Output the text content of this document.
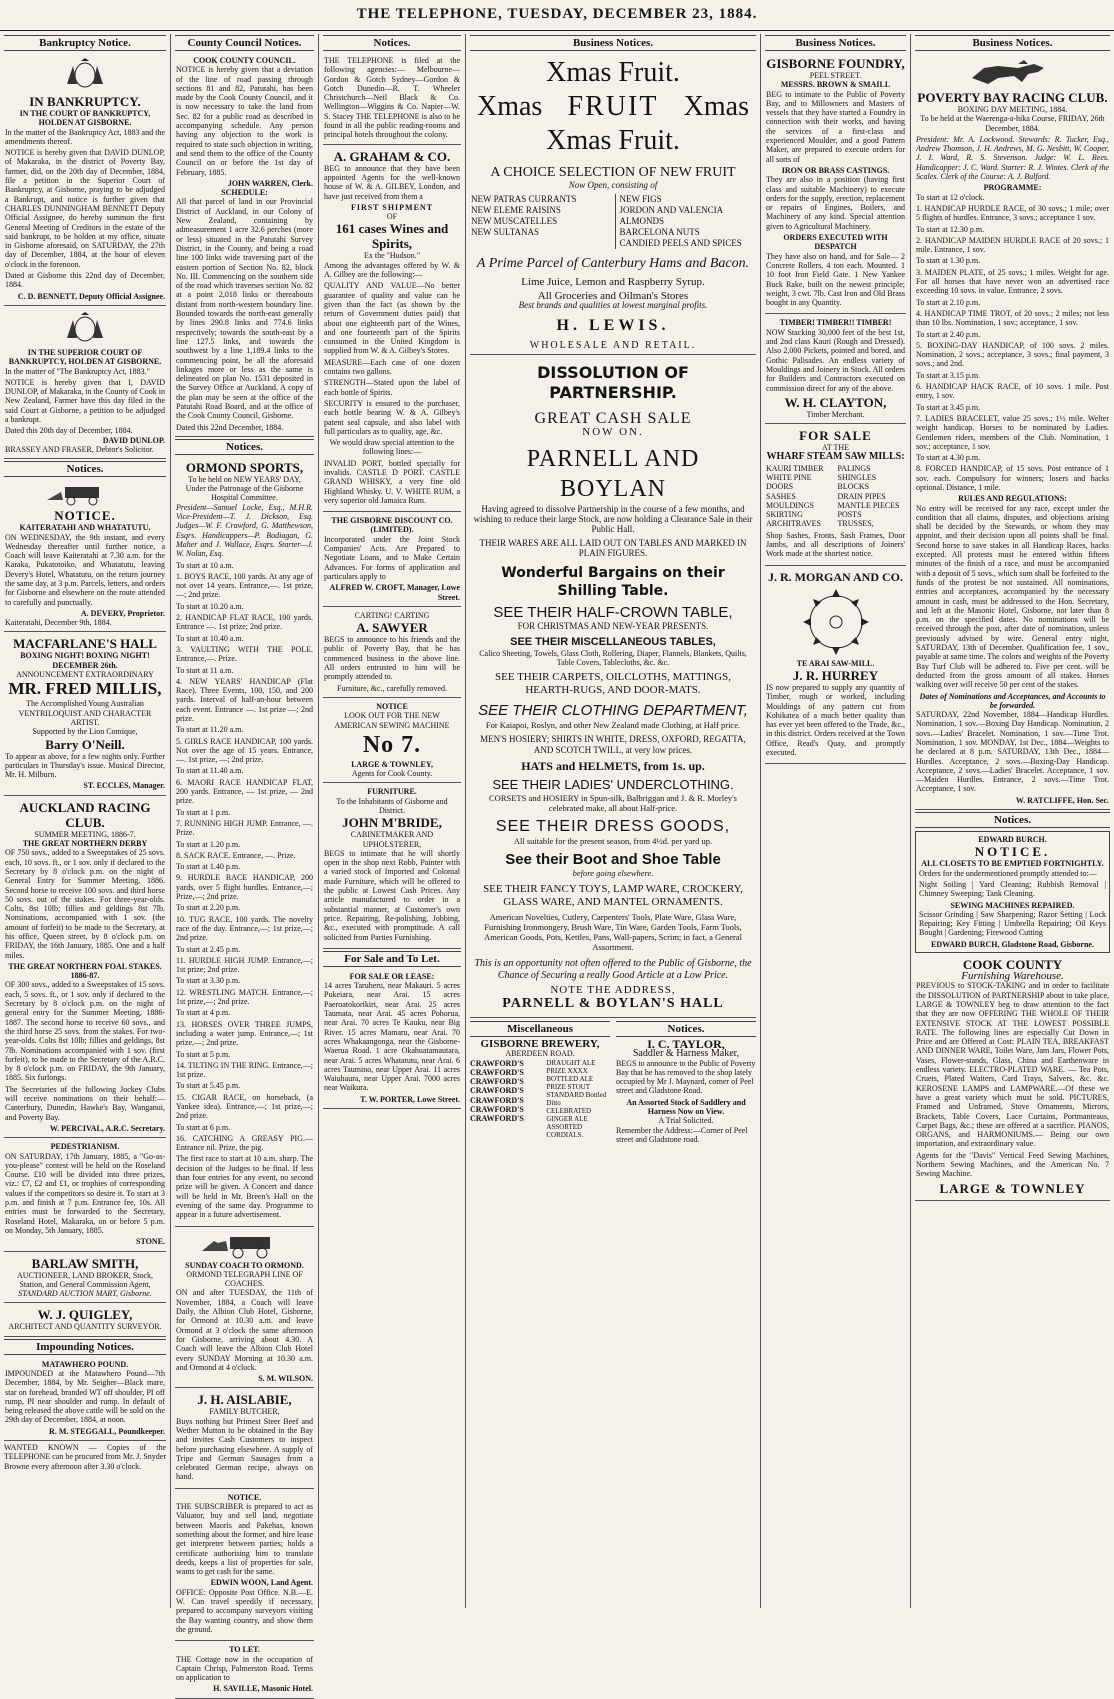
THE TELEPHONE, TUESDAY, DECEMBER 23, 1884.
Bankruptcy Notice.
IN BANKRUPTCY.
IN THE COURT OF BANKRUPTCY, HOLDEN AT GISBORNE.
In the matter of the Bankruptcy Act, 1883 and the amendments thereof.
NOTICE is hereby given that DAVID DUNLOP, of Makaraka, in the district of Poverty Bay, farmer, did, on the 20th day of December, 1884, file a petition in the Superior Court of Bankruptcy, at Gisborne, praying to be adjudged a Bankrupt, and notice is further given that CHARLES DUNNINGHAM BENNETT Deputy Official Assignee, do hereby summon the first General Meeting of Creditors in the estate of the said bankrupt, to be holden at my office, situate in Gisborne aforesaid, on SATURDAY, the 27th day of December, 1884, at the hour of eleven o'clock in the forenoon.
Dated at Gisborne this 22nd day of December, 1884.
C. D. BENNETT, Deputy Official Assignee.
IN THE SUPERIOR COURT OF BANKRUPTCY, HOLDEN AT GISBORNE.
In the matter of "The Bankruptcy Act, 1883."
NOTICE is hereby given that I, DAVID DUNLOP, of Makaraka, in the County of Cook in New Zealand, Farmer have this day filed in the said Court at Gisborne, a petition to be adjudged a bankrupt.
Dated this 20th day of December, 1884.
DAVID DUNLOP.
BRASSEY AND FRASER, Debtor's Solicitor.
Notices.
NOTICE.
KAITERATAHI AND WHATATUTU.
ON WEDNESDAY, the 9th instant, and every Wednesday thereafter until further notice, a Coach will leave Kaiteratahi at 7.30 a.m. for the Karaka, Pukatotoiko, and Whatatutu, leaving Devery's Hotel, Whatatutu, on the return journey the same day, at 3 p.m. Parcels, letters, and orders for Gisborne and elsewhere on the route attended to carefully and punctually.
A. DEVERY, Proprietor.
Kaiteratahi, December 9th, 1884.
MACFARLANE'S HALL
BOXING NIGHT! BOXING NIGHT! DECEMBER 26th.
ANNOUNCEMENT EXTRAORDINARY
MR. FRED MILLIS,
The Accomplished Young Australian VENTRILOQUIST AND CHARACTER ARTIST.
Supported by the Lion Comique,
Barry O'Neill.
To appear as above, for a few nights only. Further particulars in Thursday's issue. Musical Director, Mr. H. Milburn.
ST. ECCLES, Manager.
AUCKLAND RACING CLUB.
SUMMER MEETING, 1886-7.
THE GREAT NORTHERN DERBY
OF 750 sovs., added to a Sweepstakes of 25 sovs. each, 10 sovs. ft., or 1 sov. only if declared to the Secretary by 8 o'clock p.m. on the night of General Entry for Summer Meeting, 1886. Second horse to receive 100 sovs. and third horse 50 sovs. out of the stakes. For three-year-olds. Colts, 8st 10lb; fillies and geldings 8st 7lb. Nominations, accompanied with 1 sov. (the amount of forfeit) to be made to the Secretary, at his office, Queen street, by 8 o'clock p.m. on FRIDAY, the 16th January, 1885. One and a half miles.
THE GREAT NORTHERN FOAL STAKES. 1886-87.
OF 300 sovs., added to a Sweepstakes of 15 sovs. each, 5 sovs. ft., or 1 sov. only if declared to the Secretary by 8 o'clock p.m. on the night of general entry for the Summer Meeting, 1886-1887. The second horse to receive 60 sovs., and the third horse 25 sovs. from the stakes. For two-year-olds. Colts 8st 10lb; fillies and geldings, 8st 7lb. Nominations accompanied with 1 sov. (first forfeit), to be made to the Secretary of the A.R.C. by 8 o'clock p.m. on FRIDAY, the 9th January, 1885. Six furlongs.
The Secretaries of the following Jockey Clubs will receive nominations on their behalf:— Canterbury, Dunedin, Hawke's Bay, Wanganui, and Poverty Bay.
W. PERCIVAL, A.R.C. Secretary.
PEDESTRIANISM.
ON SATURDAY, 17th January, 1885, a "Go-as-you-please" contest will be held on the Roseland Course. £10 will be divided into three prizes, viz.: £7, £2 and £1, or trophies of corresponding values if the competitors so desire it. To start at 3 p.m. and finish at 7 p.m. Entrance fee, 10s. All entries must be forwarded to the Secretary, Roseland Hotel, Makaraka, on or before 5 p.m. on Monday, 5th January, 1885.
STONE.
BARLAW SMITH,
AUCTIONEER, LAND BROKER, Stock, Station, and General Commission Agent,
STANDARD AUCTION MART, Gisborne.
W. J. QUIGLEY,
ARCHITECT AND QUANTITY SURVEYOR.
Impounding Notices.
MATAWHERO POUND.
IMPOUNDED at the Matawhero Pound—7th December, 1884, by Mr. Seigher—Black mare, star on forehead, branded WT off shoulder, PI off rump, PI near shoulder and rump. In default of being released the above cattle will be sold on the 29th day of December, 1884, at noon.
R. M. STEGGALL, Poundkeeper.
WANTED KNOWN — Copies of the TELEPHONE can be procured from Mr. J. Snyder Browne every afternoon after 3.30 o'clock.
County Council Notices.
COOK COUNTY COUNCIL.
NOTICE is hereby given that a deviation of the line of road passing through sections 81 and 82, Patutahi, has been made by the Cook County Council, and it is now necessary to take the land from Sec. 82 for a public road as described in accompanying schedule. Any person having any objection to the work is required to state such objection in writing, and send them to the office of the County Council on or before the 1st day of February, 1885.
JOHN WARREN, Clerk.
SCHEDULE:
All that parcel of land in our Provincial District of Auckland, in our Colony of New Zealand, containing by admeasurement 1 acre 32.6 perches (more or less) situated in the Patutahi Survey District, in the County, and being a road line 100 links wide traversing part of the eastern portion of Section No. 82, block No. III. Commencing on the southern side of the road which traverses section No. 82 at a point 2,018 links or thereabouts distant from north-western boundary line. Bounded towards the north-east generally by lines 290.8 links and 774.6 links respectively; towards the south-east by a line 127.5 links, and towards the southwest by a line 1,189.4 links to the commencing point, be all the aforesaid linkages more or less as the same is delineated on plan No. 1531 deposited in the Survey Office at Auckland. A copy of the plan may be seen at the office of the Patutahi Road Board, and at the office of the Cook County Council, Gisborne.
Dated this 22nd December, 1884.
Notices.
ORMOND SPORTS,
To be held on NEW YEARS' DAY,
Under the Patronage of the Gisborne Hospital Committee.
President—Samuel Locke, Esq., M.H.R. Vice-President—T. J. Dickson, Esq. Judges—W. F. Crawford, G. Matthewson, Esqrs. Handicappers—P. Bodiagan, G. Maher and J. Wallace, Esqrs. Starter—J. W. Nolan, Esq.
To start at 10 a.m.
1. BOYS RACE, 100 yards. At any age of not over 14 years. Entrance,—. 1st prize, —; 2nd prize.
To start at 10.20 a.m.
2. HANDICAP FLAT RACE, 100 yards. Entrance —. 1st prize; 2nd prize.
To start at 10.40 a.m.
3. VAULTING WITH THE POLE. Entrance,—. Prize.
To start at 11 a.m.
4. NEW YEARS' HANDICAP (Flat Race). Three Events, 100, 150, and 200 yards. Interval of half-an-hour between each event. Entrance —. 1st prize —; 2nd prize.
To start at 11.20 a.m.
5. GIRLS RACE HANDICAP, 100 yards. Not over the age of 15 years. Entrance, —. 1st prize, —; 2nd prize.
To start at 11.40 a.m.
6. MAORI RACE HANDICAP FLAT, 200 yards. Entrance, — 1st prize, — 2nd prize.
To start at 1 p.m.
7. RUNNING HIGH JUMP. Entrance, —. Prize.
To start at 1.20 p.m.
8. SACK RACE. Entrance, —. Prize.
To start at 1.40 p.m.
9. HURDLE RACE HANDICAP, 200 yards, over 5 flight hurdles. Entrance,—; Prize,—; 2nd prize.
To start at 2.20 p.m.
10. TUG RACE, 100 yards. The novelty race of the day. Entrance,—; 1st prize,—; 2nd prize.
To start at 2.45 p.m.
11. HURDLE HIGH JUMP. Entrance,—; 1st prize; 2nd prize.
To start at 3.30 p.m.
12. WRESTLING MATCH. Entrance,—; 1st prize,—; 2nd prize.
To start at 4 p.m.
13. HORSES OVER THREE JUMPS, including a water jump. Entrance,—; 1st prize,—; 2nd prize.
To start at 5 p.m.
14. TILTING IN THE RING. Entrance,—; 1st prize.
To start at 5.45 p.m.
15. CIGAR RACE, on horseback, (a Yankee idea). Entrance,—; 1st prize,—; 2nd prize.
To start at 6 p.m.
16. CATCHING A GREASY PIG.—Entrance nil. Prize, the pig.
The first race to start at 10 a.m. sharp. The decision of the Judges to be final. If less than four entries for any event, no second prize will be given. A Concert and dance will be held in Mr. Breen's Hall on the evening of the same day. Programme to appear in a future advertisement.
SUNDAY COACH TO ORMOND.
ORMOND TELEGRAPH LINE OF COACHES.
ON and after TUESDAY, the 11th of November, 1884, a Coach will leave Daily, the Albion Club Hotel, Gisborne, for Ormond at 10.30 a.m. and leave Ormond at 3 o'clock the same afternoon for Gisborne, arriving about 4.30. A Coach will leave the Albion Club Hotel every SUNDAY Morning at 10.30 a.m. and Ormond at 4 o'clock.
S. M. WILSON.
J. H. AISLABIE,
FAMILY BUTCHER,
Buys nothing but Primest Steer Beef and Wether Mutton to be obtained in the Bay and invites Cash Customers to inspect before purchasing elsewhere. A supply of Tripe and German Sausages from a celebrated German recipe, always on hand.
NOTICE.
THE SUBSCRIBER is prepared to act as Valuator, buy and sell land, negotiate between Maoris and Pakehas, known something about the former, and hire lease get interpreter between parties; holds a certificate authorising him to translate deeds, keeps a list of properties for sale, wants to get cash for the same.
EDWIN WOON, Land Agent.
OFFICE: Opposite Post Office. N.B.—E. W. Can travel speedily if necessary, prepared to accompany surveyors visiting the Bay wanting country, and show them the ground.
TO LET.
THE Cottage now in the occupation of Captain Chrisp, Palmerston Road. Terms on application to
H. SAVILLE, Masonic Hotel.
Notices.
THE TELEPHONE is filed at the following agencies:— Melbourne—Gordon & Gotch Sydney—Gordon & Gotch Dunedin—R. T. Wheeler Christchurch—Neil Black & Co. Wellington—Wiggins & Co. Napier—W. S. Stacey THE TELEPHONE is also to be found in all the public reading-rooms and principal hotels throughout the colony.
A. GRAHAM & CO.
BEG to announce that they have been appointed Agents for the well-known house of W. & A. GILBEY, London, and have just received from them a
FIRST SHIPMENT
OF
161 cases Wines and Spirits,
Ex the "Hudson."
Among the advantages offered by W. & A. Gilbey are the following:—
QUALITY AND VALUE—No better guarantee of quality and value can be given than the fact (as shown by the return of Government duties paid) that about one eighteenth part of the Wines, and one fourteenth part of the Spirits consumed in the United Kingdom is supplied from W. & A. Gilbey's Stores.
MEASURE—Each case of one dozen contains two gallons.
STRENGTH—Stated upon the label of each bottle of Spirits.
SECURITY is ensured to the purchaser, each bottle bearing W. & A. Gilbey's patent seal capsule, and also label with full particulars as to quality, age, &c.
We would draw special attention to the following lines:—
INVALID PORT, bottled specially for invalids. CASTLE D PORT. CASTLE GRAND WHISKY, a very fine old Highland Whisky. U. V. WHITE RUM, a very superior old Jamaica Rum.
THE GISBORNE DISCOUNT CO. (LIMITED).
Incorporated under the Joint Stock Companies' Acts. Are Prepared to Negotiate Loans, and to Make Certain Advances. For forms of application and particulars apply to
ALFRED W. CROFT, Manager, Lowe Street.
CARTING! CARTING
A. SAWYER
BEGS to announce to his friends and the public of Poverty Bay, that he has commenced business in the above line. All orders entrusted to him will be promptly attended to.
Furniture, &c., carefully removed.
NOTICE
LOOK OUT FOR THE NEW AMERICAN SEWING MACHINE
No 7.
LARGE & TOWNLEY,
Agents for Cook County.
FURNITURE.
To the Inhabitants of Gisborne and District.
JOHN M'BRIDE,
CABINETMAKER AND UPHOLSTERER,
BEGS to intimate that he will shortly open in the shop next Robb, Painter with a varied stock of Imported and Colonial made Furniture, which will be offered to the public at Lowest Cash Prices. Any article manufactured to order in a substantial manner, at Customer's own price. Repairing, Re-polishing, Jobbing, &c., executed with promptitude. A call solicited from Parties Furnishing.
For Sale and To Let.
FOR SALE OR LEASE:
14 acres Taruheru, near Makauri. 5 acres Pukeiara, near Arai. 15 acres Paeroatokorikiri, near Arai. 25 acres Taumata, near Arai. 45 acres Pohorua, near Arai. 70 acres Te Kauku, near Big River. 15 acres Mamaru, near Arai. 70 acres Whakaangonga, near the Gisborne-Waerua Road. 1 acre Okahuatamautara, near Arai. 5 acres Whatatutu, near Arai. 6 acres Taumino, near Upper Arai. 11 acres Waiuhaura, near Upper Arai. 7000 acres near Waikura.
T. W. PORTER, Lowe Street.
Business Notices.
Xmas Fruit.
Xmas FRUIT Xmas
Xmas Fruit.
A CHOICE SELECTION OF NEW FRUIT
Now Open, consisting of
NEW PATRAS CURRANTS
NEW ELEME RAISINS
NEW MUSCATELLES
NEW SULTANAS
NEW FIGS
JORDON AND VALENCIA ALMONDS
BARCELONA NUTS
CANDIED PEELS AND SPICES
A Prime Parcel of Canterbury Hams and Bacon.
Lime Juice, Lemon and Raspberry Syrup.
All Groceries and Oilman's Stores
Best brands and qualities at lowest marginal profits.
H. LEWIS.
WHOLESALE AND RETAIL.
DISSOLUTION OF PARTNERSHIP.
GREAT CASH SALE
NOW ON.
PARNELL AND BOYLAN
Having agreed to dissolve Partnership in the course of a few months, and wishing to reduce their large Stock, are now holding a Clearance Sale in their Public Hall.
THEIR WARES ARE ALL LAID OUT ON TABLES AND MARKED IN PLAIN FIGURES.
Wonderful Bargains on their Shilling Table.
SEE THEIR HALF-CROWN TABLE,
FOR CHRISTMAS AND NEW-YEAR PRESENTS.
SEE THEIR MISCELLANEOUS TABLES,
Calico Sheeting, Towels, Glass Cloth, Rollering, Diaper, Flannels, Blankets, Quilts, Table Covers, Tablecloths, &c. &c.
SEE THEIR CARPETS, OILCLOTHS, MATTINGS, HEARTH-RUGS, AND DOOR-MATS.
SEE THEIR CLOTHING DEPARTMENT,
For Kaiapoi, Roslyn, and other New Zealand made Clothing, at Half price.
MEN'S HOSIERY; SHIRTS IN WHITE, DRESS, OXFORD, REGATTA, AND SCOTCH TWILL, at very low prices.
HATS and HELMETS, from 1s. up.
SEE THEIR LADIES' UNDERCLOTHING.
CORSETS and HOSIERY in Spun-silk, Balbriggan and J. & R. Morley's celebrated make, all about Half-price.
SEE THEIR DRESS GOODS,
All suitable for the present season, from 4½d. per yard up.
See their Boot and Shoe Table
before going elsewhere.
SEE THEIR FANCY TOYS, LAMP WARE, CROCKERY, GLASS WARE, AND MANTEL ORNAMENTS.
American Novelties, Cutlery, Carpenters' Tools, Plate Ware, Glass Ware, Furnishing Ironmongery, Brush Ware, Tin Ware, Garden Tools, Farm Tools, American Goods, Pots, Kettles, Pans, Wall-papers, Scrim; in fact, a General Assortment.
This is an opportunity not often offered to the Public of Gisborne, the Chance of Securing a really Good Article at a Low Price.
NOTE THE ADDRESS,
PARNELL & BOYLAN'S HALL
Miscellaneous
GISBORNE BREWERY,
ABERDEEN ROAD.
CRAWFORD'S
CRAWFORD'S
CRAWFORD'S
CRAWFORD'S
CRAWFORD'S
CRAWFORD'S
CRAWFORD'S
DRAUGHT ALE
PRIZE XXXX BOTTLED ALE
PRIZE STOUT
STANDARD Bottled Ditto
CELEBRATED GINGER ALE
ASSORTED CORDIALS.
Notices.
I. C. TAYLOR,
Saddler & Harness Maker,
BEGS to announce to the Public of Poverty Bay that he has removed to the shop lately occupied by Mr J. Maynard, corner of Peel street and Gladstone Road.
An Assorted Stock of Saddlery and Harness Now on View.
A Trial Solicited.
Remember the Address:—Corner of Peel street and Gladstone road.
Business Notices.
GISBORNE FOUNDRY,
PEEL STREET.
MESSRS. BROWN & SMAILL
BEG to intimate to the Public of Poverty Bay, and to Millowners and Masters of vessels that they have started a Foundry in connection with their works, and having the services of a first-class and experienced Moulder, and a good Pattern Maker, are prepared to execute orders for all sorts of
IRON OR BRASS CASTINGS.
They are also in a position (having first class and suitable Machinery) to execute orders for the supply, erection, replacement or repairs of Engines, Boilers, and Machinery of any kind. Special attention given to Agricultural Machinery.
ORDERS EXECUTED WITH DESPATCH
They have also on hand, and for Sale— 2 Concrete Rollers, 4 ton each. Mounted. 1 10 foot Iron Field Gate. 1 New Yankee Buck Rake, built on the newest principle; weight, 3 cwt. 7lb. Cast Iron and Old Brass bought in any Quantity.
TIMBER! TIMBER!! TIMBER!
NOW Stacking 30,000 feet of the best 1st, and 2nd class Kauri (Rough and Dressed). Also 2,000 Pickets, pointed and bored, and Gothic Palisades. An endless variety of Mouldings and Joinery in Stock. All orders for Builders and Contractors executed on commission direct for any of the above.
W. H. CLAYTON,
Timber Merchant.
FOR SALE
AT THE
WHARF STEAM SAW MILLS:
KAURI TIMBER
WHITE PINE
DOORS
SASHES
MOULDINGS
SKIRTING
ARCHITRAVES
PALINGS
SHINGLES
BLOCKS
DRAIN PIPES
MANTLE PIECES
POSTS
TRUSSES,
Shop Sashes, Fronts, Sash Frames, Door Jambs, and all descriptions of Joiners' Work made at the shortest notice.
J. R. MORGAN AND CO.
TE ARAI SAW-MILL.
J. R. HURREY
IS now prepared to supply any quantity of Timber, rough or worked, including Mouldings of any pattern cut from Kohikatea of a much better quality than has ever yet been offered to the Trade, &c., in this district. Orders received at the Town Office, Read's Quay, and promptly executed.
Business Notices.
POVERTY BAY RACING CLUB.
BOXING DAY MEETING, 1884.
To be held at the Waerenga-a-hika Course, FRIDAY, 26th December, 1884.
President: Mr. A. Lockwood. Stewards: R. Tucker, Esq., Andrew Thomson, J. H. Andrews, M. G. Nesbitt, W. Cooper, J. I. Ward, R. S. Stevenson. Judge: W. L. Rees. Handicapper: J. C. Ward. Starter: R. J. Wintes. Clerk of the Scales. Clerk of the Course: A. J. Bulford.
PROGRAMME:
To start at 12 o'clock.
1. HANDICAP HURDLE RACE, of 30 sovs.; 1 mile; over 5 flights of hurdles. Entrance, 3 sovs.; acceptance 1 sov.
To start at 12.30 p.m.
2. HANDICAP MAIDEN HURDLE RACE of 20 sovs.; 1 mile. Entrance, 1 sov.
To start at 1.30 p.m.
3. MAIDEN PLATE, of 25 sovs.; 1 miles. Weight for age. For all horses that have never won an advertised race exceeding 10 sovs. in value. Entrance, 2 sovs.
To start at 2.10 p.m.
4. HANDICAP TIME TROT, of 20 sovs.; 2 miles; not less than 10 lbs. Nomination, 1 sov.; acceptance, 1 sov.
To start at 2.40 p.m.
5. BOXING-DAY HANDICAP, of 100 sovs. 2 miles. Nomination, 2 sovs.; acceptance, 3 sovs.; final payment, 3 sovs.; and 2nd.
To start at 3.15 p.m.
6. HANDICAP HACK RACE, of 10 sovs. 1 mile. Post entry, 1 sov.
To start at 3.45 p.m.
7. LADIES BRACELET, value 25 sovs.; 1½ mile. Welter weight handicap. Horses to be nominated by Ladies. Gentlemen riders, members of the Club. Nomination, 1 sov.; acceptance, 1 sov.
To start at 4.30 p.m.
8. FORCED HANDICAP, of 15 sovs. Post entrance of 1 sov. each. Compulsory for winners; losers and hacks optional. Distance, 1 mile.
RULES AND REGULATIONS:
No entry will be received for any race, except under the condition that all claims, disputes, and objections arising shall be decided by the Stewards, or whom they may appoint, and their decision upon all points shall be final. Second horse to save stakes in all Handicap Races, hacks excepted. All protests must be entered within fifteen minutes of the finish of a race, and must be accompanied with a deposit of 5 sovs., which sum shall be forfeited to the funds of the protest be not sustained. All nominations, entries and acceptances, accompanied by the necessary amount in cash, must be addressed to the Hon. Secretary, and left at the Masonic Hotel, Gisborne, not later than 8 p.m. on the specified dates. No nominations will be received through the post, after date of nomination, unless previously advised by wire. General entry night, SATURDAY, 13th of December. Qualification fee, 1 sov., payable at same time. The colors and weights of the Poverty Bay Turf Club will be adhered to. Five per cent. will be deducted from the gross amount of all stakes. Horses walking over will receive 50 per cent of the stakes.
Dates of Nominations and Acceptances, and Accounts to be forwarded.
SATURDAY, 22nd November, 1884—Handicap Hurdles. Nomination, 1 sov.—Boxing Day Handicap. Nomination, 2 sovs.—Ladies' Bracelet. Nomination, 1 sov.—Time Trot. Nomination, 1 sov. MONDAY, 1st Dec., 1884—Weights to be declared at 8 p.m. SATURDAY, 13th Dec., 1884—Hurdles. Acceptance, 2 sovs.—Boxing-Day Handicap. Acceptance, 2 sovs.—Ladies' Bracelet. Acceptance, 1 sov.—Maiden Hurdles. Entrance, 2 sovs.—Time Trot. Acceptance, 1 sov.
W. RATCLIFFE, Hon. Sec.
Notices.
EDWARD BURCH.
NOTICE.
ALL CLOSETS TO BE EMPTIED FORTNIGHTLY.
Orders for the undermentioned promptly attended to:—
Night Soiling | Yard Cleaning; Rubbish Removal | Chimney Sweeping; Tank Cleaning.
SEWING MACHINES REPAIRED.
Scissor Grinding | Saw Sharpening; Razor Setting | Lock Repairing; Key Fitting | Umbrella Repairing; Oil Keys Bought | Gardening; Firewood Cutting
EDWARD BURCH, Gladstone Road, Gisborne.
COOK COUNTY
Furnishing Warehouse.
PREVIOUS to STOCK-TAKING and in order to facilitate the DISSOLUTION of PARTNERSHIP about to take place, LARGE & TOWNLEY beg to draw attention to the fact that they are now OFFERING THE WHOLE OF THEIR EXTENSIVE STOCK AT THE LOWEST POSSIBLE RATE. The following lines are especially Cut Down in Price and are Offered at Cost: PLAIN TEA, BREAKFAST AND DINNER WARE, Toilet Ware, Jam Jars, Flower Pots, Vases, Flower-stands, Glass, China and Earthenware in endless variety. ELECTRO-PLATED WARE. — Tea Pots, Cruets, Plated Waiters, Card Trays, Salvers, &c. &c. KEROSENE LAMPS and LAMPWARE.—Of these we have a great variety which must be sold. PICTURES, Framed and Unframed, Stove Ornaments, Mirrors, Brackets, Table Covers, Lace Curtains, Portmanteaus, Carpet Bags, &c.; these are offered at a sacrifice. PIANOS, ORGANS, and HARMONIUMS.— Being our own importation, and extraordinary value.
Agents for the "Davis" Vertical Feed Sewing Machines, Northern Sewing Machines, and the American No. 7 Sewing Machine.
LARGE & TOWNLEY
